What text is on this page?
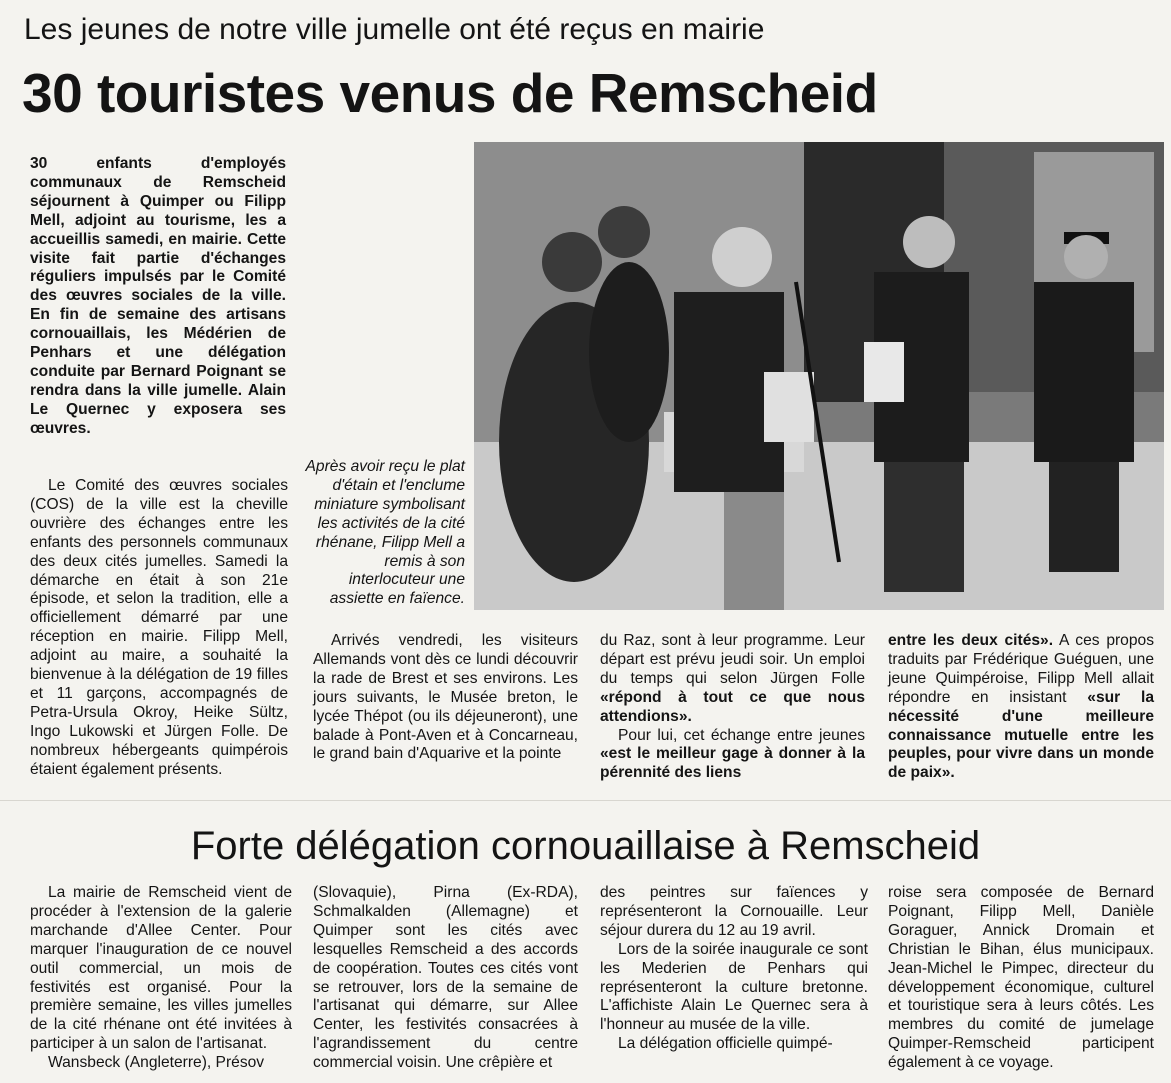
Les jeunes de notre ville jumelle ont été reçus en mairie
30 touristes venus de Remscheid
30 enfants d'employés communaux de Remscheid séjournent à Quimper ou Filipp Mell, adjoint au tourisme, les a accueillis samedi, en mairie. Cette visite fait partie d'échanges réguliers impulsés par le Comité des œuvres sociales de la ville. En fin de semaine des artisans cornouaillais, les Médérien de Penhars et une délégation conduite par Bernard Poignant se rendra dans la ville jumelle. Alain Le Quernec y exposera ses œuvres.
Après avoir reçu le plat d'étain et l'enclume miniature symbolisant les activités de la cité rhénane, Filipp Mell a remis à son interlocuteur une assiette en faïence.

Le Comité des œuvres sociales (COS) de la ville est la cheville ouvrière des échanges entre les enfants des personnels communaux des deux cités jumelles. Samedi la démarche en était à son 21e épisode, et selon la tradition, elle a officiellement démarré par une réception en mairie. Filipp Mell, adjoint au maire, a souhaité la bienvenue à la délégation de 19 filles et 11 garçons, accompagnés de Petra-Ursula Okroy, Heike Sültz, Ingo Lukowski et Jürgen Folle. De nombreux hébergeants quimpérois étaient également présents.

Arrivés vendredi, les visiteurs Allemands vont dès ce lundi découvrir la rade de Brest et ses environs. Les jours suivants, le Musée breton, le lycée Thépot (ou ils déjeuneront), une balade à Pont-Aven et à Concarneau, le grand bain d'Aquarive et la pointe

du Raz, sont à leur programme. Leur départ est prévu jeudi soir. Un emploi du temps qui selon Jürgen Folle «répond à tout ce que nous attendions».

Pour lui, cet échange entre jeunes «est le meilleur gage à donner à la pérennité des liens

entre les deux cités». A ces propos traduits par Frédérique Guéguen, une jeune Quimpéroise, Filipp Mell allait répondre en insistant «sur la nécessité d'une meilleure connaissance mutuelle entre les peuples, pour vivre dans un monde de paix».

Forte délégation cornouaillaise à Remscheid

La mairie de Remscheid vient de procéder à l'extension de la galerie marchande d'Allee Center. Pour marquer l'inauguration de ce nouvel outil commercial, un mois de festivités est organisé. Pour la première semaine, les villes jumelles de la cité rhénane ont été invitées à participer à un salon de l'artisanat.

Wansbeck (Angleterre), Présov

(Slovaquie), Pirna (Ex-RDA), Schmalkalden (Allemagne) et Quimper sont les cités avec lesquelles Remscheid a des accords de coopération. Toutes ces cités vont se retrouver, lors de la semaine de l'artisanat qui démarre, sur Allee Center, les festivités consacrées à l'agrandissement du centre commercial voisin. Une crêpière et

des peintres sur faïences y représenteront la Cornouaille. Leur séjour durera du 12 au 19 avril.

Lors de la soirée inaugurale ce sont les Mederien de Penhars qui représenteront la culture bretonne. L'affichiste Alain Le Quernec sera à l'honneur au musée de la ville.

La délégation officielle quimpé-

roise sera composée de Bernard Poignant, Filipp Mell, Danièle Goraguer, Annick Dromain et Christian le Bihan, élus municipaux. Jean-Michel le Pimpec, directeur du développement économique, culturel et touristique sera à leurs côtés. Les membres du comité de jumelage Quimper-Remscheid participent également à ce voyage.
